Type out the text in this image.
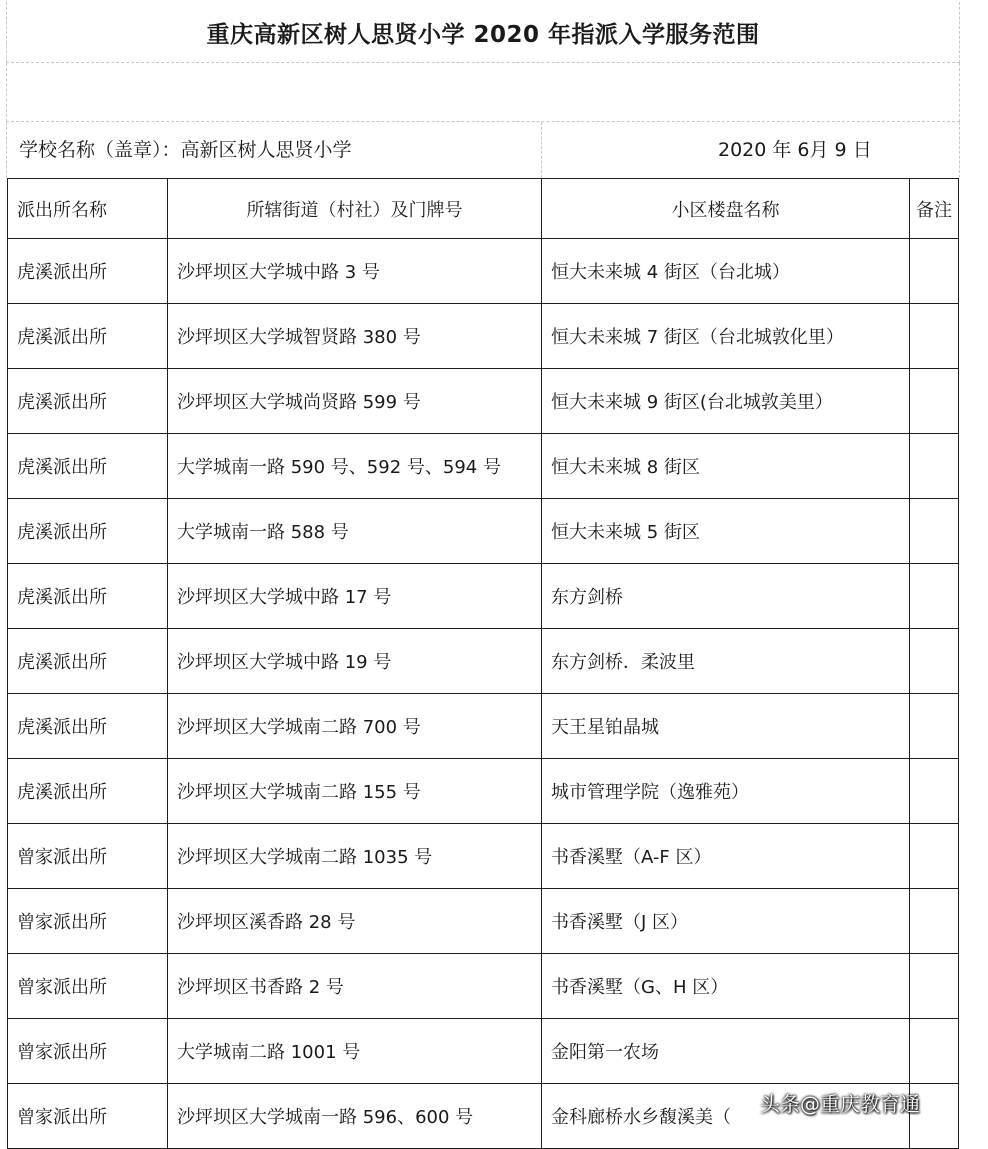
重庆高新区树人思贤小学 2020 年指派入学服务范围
学校名称（盖章）：高新区树人思贤小学	2020 年 6月 9 日
派出所名称	所辖街道（村社）及门牌号	小区楼盘名称	备注
虎溪派出所	沙坪坝区大学城中路 3 号	恒大未来城 4 街区（台北城）	
虎溪派出所	沙坪坝区大学城智贤路 380 号	恒大未来城 7 街区（台北城敦化里）	
虎溪派出所	沙坪坝区大学城尚贤路 599 号	恒大未来城 9 街区(台北城敦美里）	
虎溪派出所	大学城南一路 590 号、592 号、594 号	恒大未来城 8 街区	
虎溪派出所	大学城南一路 588 号	恒大未来城 5 街区	
虎溪派出所	沙坪坝区大学城中路 17 号	东方剑桥	
虎溪派出所	沙坪坝区大学城中路 19 号	东方剑桥．柔波里	
虎溪派出所	沙坪坝区大学城南二路 700 号	天王星铂晶城	
虎溪派出所	沙坪坝区大学城南二路 155 号	城市管理学院（逸雅苑）	
曾家派出所	沙坪坝区大学城南二路 1035 号	书香溪墅（A-F 区）	
曾家派出所	沙坪坝区溪香路 28 号	书香溪墅（J 区）	
曾家派出所	沙坪坝区书香路 2 号	书香溪墅（G、H 区）	
曾家派出所	大学城南二路 1001 号	金阳第一农场	
曾家派出所	沙坪坝区大学城南一路 596、600 号	金科廊桥水乡馥溪美（	
头条@重庆教育通
